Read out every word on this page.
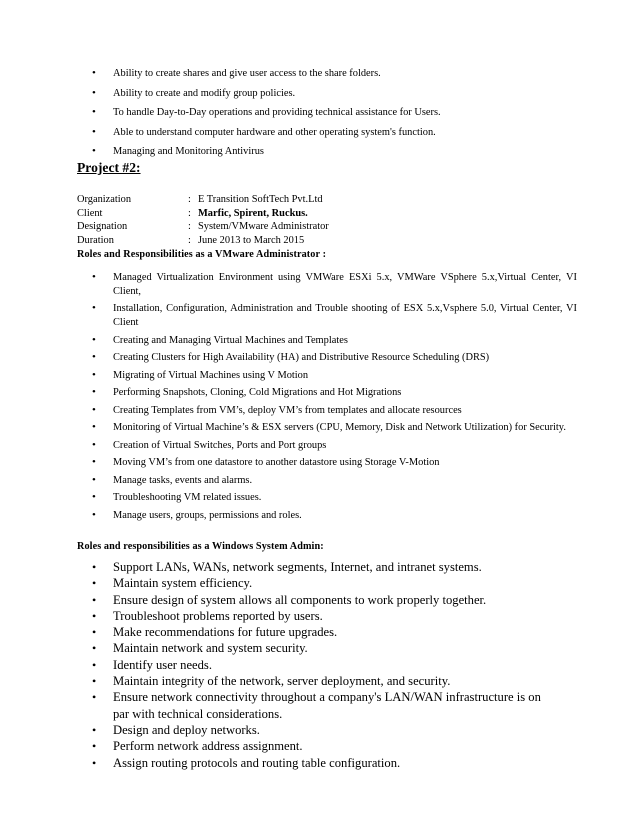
• Ability to create shares and give user access to the share folders.
• Ability to create and modify group policies.
• To handle Day-to-Day operations and providing technical assistance for Users.
• Able to understand computer hardware and other operating system's function.
• Managing and Monitoring Antivirus
Project #2:
Organization	: E Transition SoftTech Pvt.Ltd
Client	: Marfic, Spirent, Ruckus.
Designation	: System/VMware Administrator
Duration	: June 2013 to March 2015
Roles and Responsibilities as a VMware Administrator :
• Managed Virtualization Environment using VMWare ESXi 5.x, VMWare VSphere 5.x,Virtual Center, VI Client,
• Installation, Configuration, Administration and Trouble shooting of ESX 5.x,Vsphere 5.0, Virtual Center, VI Client
• Creating and Managing Virtual Machines and Templates
• Creating Clusters for High Availability (HA) and Distributive Resource Scheduling (DRS)
• Migrating of Virtual Machines using V Motion
• Performing Snapshots, Cloning, Cold Migrations and Hot Migrations
• Creating Templates from VM’s, deploy VM’s from templates and allocate resources
• Monitoring of Virtual Machine’s & ESX servers (CPU, Memory, Disk and Network Utilization) for Security.
• Creation of Virtual Switches, Ports and Port groups
• Moving VM’s from one datastore to another datastore using Storage V-Motion
• Manage tasks, events and alarms.
• Troubleshooting VM related issues.
• Manage users, groups, permissions and roles.
Roles and responsibilities as a Windows System Admin:
• Support LANs, WANs, network segments, Internet, and intranet systems.
• Maintain system efficiency.
• Ensure design of system allows all components to work properly together.
• Troubleshoot problems reported by users.
• Make recommendations for future upgrades.
• Maintain network and system security.
• Identify user needs.
• Maintain integrity of the network, server deployment, and security.
• Ensure network connectivity throughout a company's LAN/WAN infrastructure is on par with technical considerations.
• Design and deploy networks.
• Perform network address assignment.
• Assign routing protocols and routing table configuration.
